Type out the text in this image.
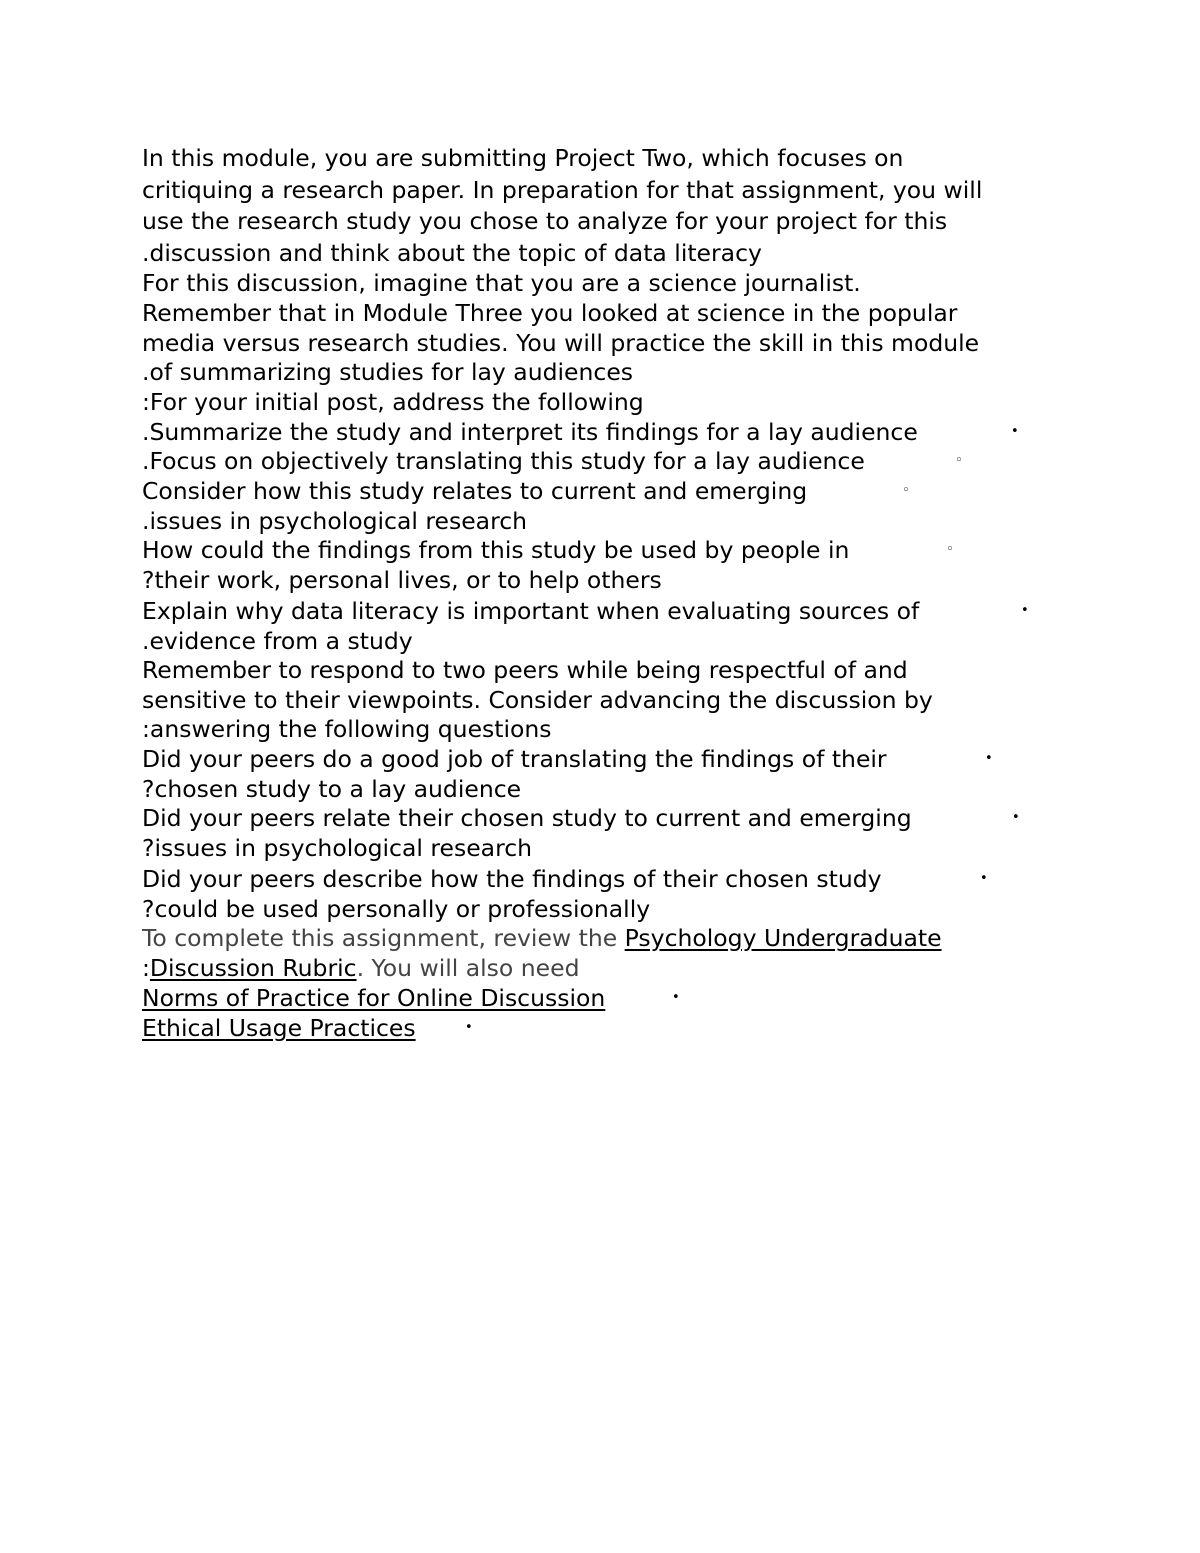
In this module, you are submitting Project Two, which focuses on
critiquing a research paper. In preparation for that assignment, you will
use the research study you chose to analyze for your project for this
.discussion and think about the topic of data literacy
For this discussion, imagine that you are a science journalist.
Remember that in Module Three you looked at science in the popular
media versus research studies. You will practice the skill in this module
.of summarizing studies for lay audiences
:For your initial post, address the following
.Summarize the study and interpret its findings for a lay audience	•
.Focus on objectively translating this study for a lay audience	◦
Consider how this study relates to current and emerging	◦
.issues in psychological research
How could the findings from this study be used by people in	◦
?their work, personal lives, or to help others
Explain why data literacy is important when evaluating sources of	•
.evidence from a study
Remember to respond to two peers while being respectful of and
sensitive to their viewpoints. Consider advancing the discussion by
:answering the following questions
Did your peers do a good job of translating the findings of their	•
?chosen study to a lay audience
Did your peers relate their chosen study to current and emerging	•
?issues in psychological research
Did your peers describe how the findings of their chosen study	•
?could be used personally or professionally
To complete this assignment, review the Psychology Undergraduate
:Discussion Rubric. You will also need
Norms of Practice for Online Discussion	•
Ethical Usage Practices	•
